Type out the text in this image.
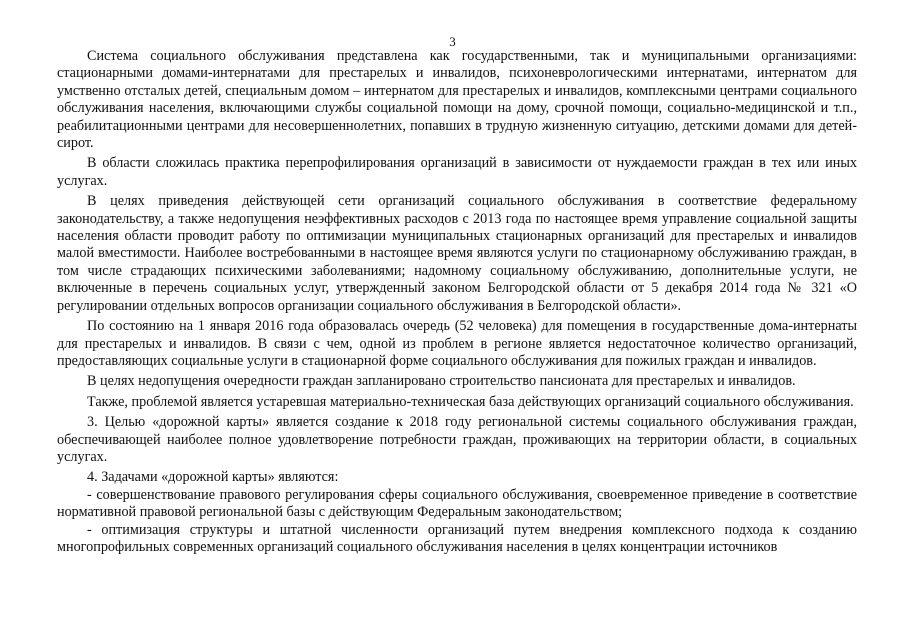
3

Система социального обслуживания представлена как государственными, так и муниципальными организациями: стационарными домами-интернатами для престарелых и инвалидов, психоневрологическими интернатами, интернатом для умственно отсталых детей, специальным домом – интернатом для престарелых и инвалидов, комплексными центрами социального обслуживания населения, включающими службы социальной помощи на дому, срочной помощи, социально-медицинской и т.п., реабилитационными центрами для несовершеннолетних, попавших в трудную жизненную ситуацию, детскими домами для детей-сирот.

В области сложилась практика перепрофилирования организаций в зависимости от нуждаемости граждан в тех или иных услугах.

В целях приведения действующей сети организаций социального обслуживания в соответствие федеральному законодательству, а также недопущения неэффективных расходов с 2013 года по настоящее время управление социальной защиты населения области проводит работу по оптимизации муниципальных стационарных организаций для престарелых и инвалидов малой вместимости. Наиболее востребованными в настоящее время являются услуги по стационарному обслуживанию граждан, в том числе страдающих психическими заболеваниями; надомному социальному обслуживанию, дополнительные услуги, не включенные в перечень социальных услуг, утвержденный законом Белгородской области от 5 декабря 2014 года № 321 «О регулировании отдельных вопросов организации социального обслуживания в Белгородской области».

По состоянию на 1 января 2016 года образовалась очередь (52 человека) для помещения в государственные дома-интернаты для престарелых и инвалидов. В связи с чем, одной из проблем в регионе является недостаточное количество организаций, предоставляющих социальные услуги в стационарной форме социального обслуживания для пожилых граждан и инвалидов.

В целях недопущения очередности граждан запланировано строительство пансионата для престарелых и инвалидов.

Также, проблемой является устаревшая материально-техническая база действующих организаций социального обслуживания.

3. Целью «дорожной карты» является создание к 2018 году региональной системы социального обслуживания граждан, обеспечивающей наиболее полное удовлетворение потребности граждан, проживающих на территории области, в социальных услугах.

4. Задачами «дорожной карты» являются:

- совершенствование правового регулирования сферы социального обслуживания, своевременное приведение в соответствие нормативной правовой региональной базы с действующим Федеральным законодательством;

- оптимизация структуры и штатной численности организаций путем внедрения комплексного подхода к созданию многопрофильных современных организаций социального обслуживания населения в целях концентрации источников
